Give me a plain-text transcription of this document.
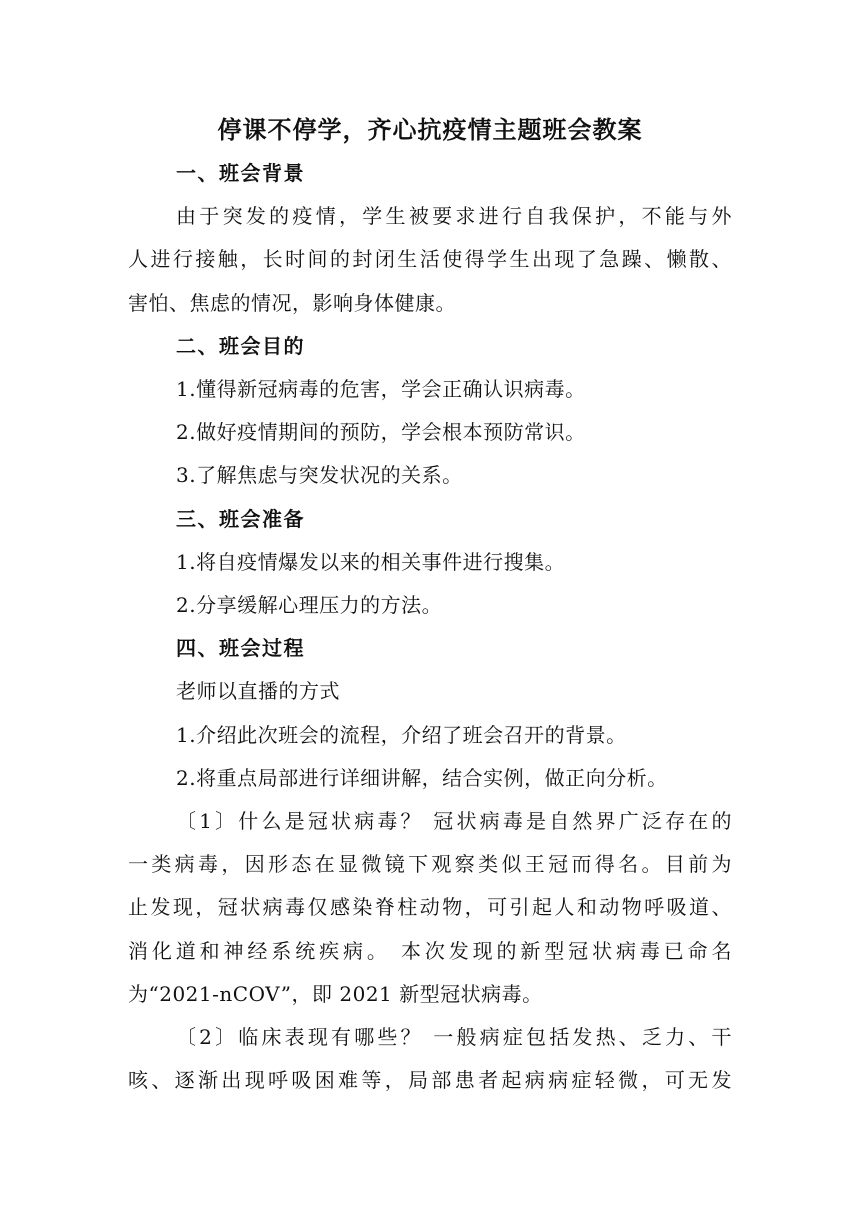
停课不停学，齐心抗疫情主题班会教案
一、班会背景
由于突发的疫情，学生被要求进行自我保护，不能与外
人进行接触，长时间的封闭生活使得学生出现了急躁、懒散、
害怕、焦虑的情况，影响身体健康。
二、班会目的
1.懂得新冠病毒的危害，学会正确认识病毒。
2.做好疫情期间的预防，学会根本预防常识。
3.了解焦虑与突发状况的关系。
三、班会准备
1.将自疫情爆发以来的相关事件进行搜集。
2.分享缓解心理压力的方法。
四、班会过程
老师以直播的方式
1.介绍此次班会的流程，介绍了班会召开的背景。
2.将重点局部进行详细讲解，结合实例，做正向分析。
〔1〕什么是冠状病毒？ 冠状病毒是自然界广泛存在的
一类病毒，因形态在显微镜下观察类似王冠而得名。目前为
止发现，冠状病毒仅感染脊柱动物，可引起人和动物呼吸道、
消化道和神经系统疾病。 本次发现的新型冠状病毒已命名
为“2021-nCOV”，即 2021 新型冠状病毒。
〔2〕临床表现有哪些？ 一般病症包括发热、乏力、干
咳、逐渐出现呼吸困难等，局部患者起病病症轻微，可无发
